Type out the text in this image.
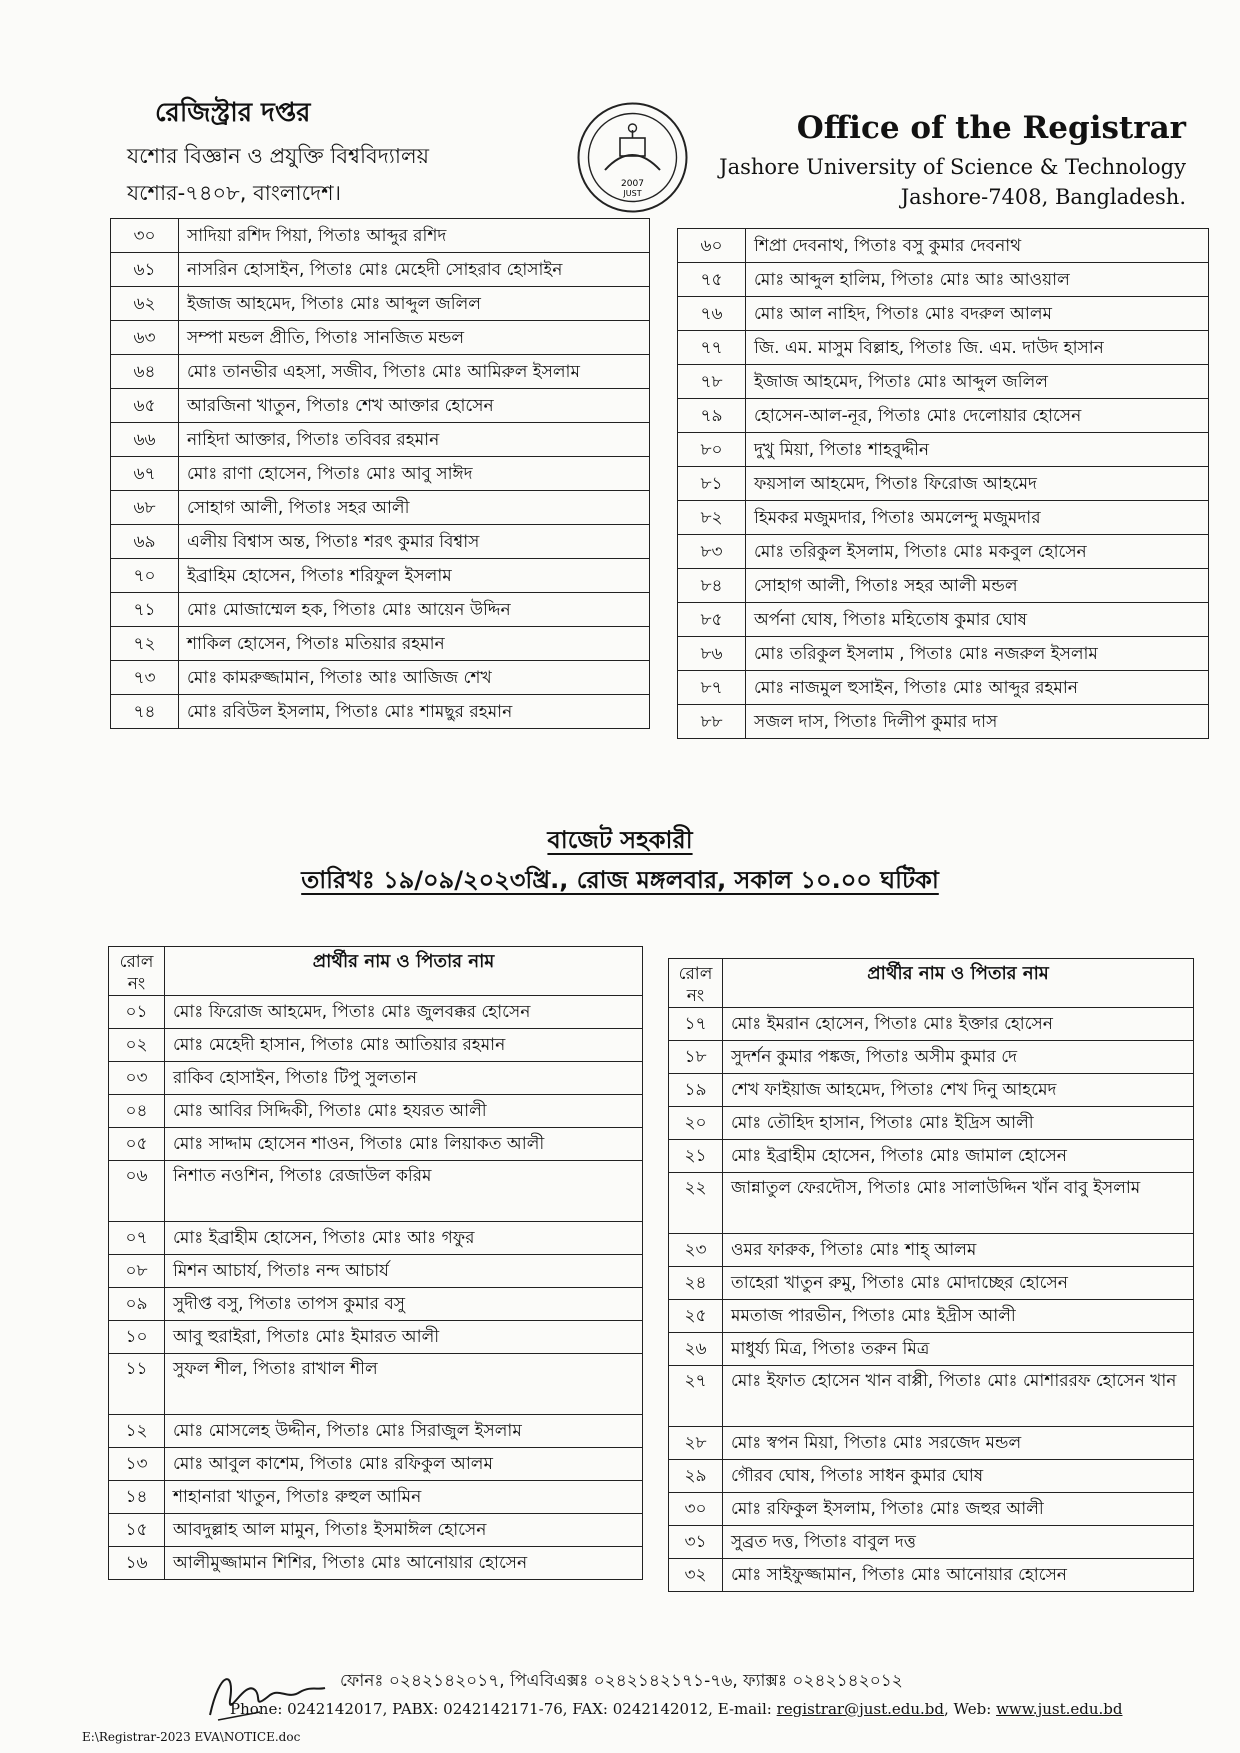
রেজিস্ট্রার দপ্তর
যশোর বিজ্ঞান ও প্রযুক্তি বিশ্ববিদ্যালয়
যশোর-৭৪০৮, বাংলাদেশ।	2007
JUST
Office of the Registrar
Jashore University of Science & Technology
Jashore-7408, Bangladesh.
৩০	সাদিয়া রশিদ পিয়া, পিতাঃ আব্দুর রশিদ
৬১	নাসরিন হোসাইন, পিতাঃ মোঃ মেহেদী সোহরাব হোসাইন
৬২	ইজাজ আহমেদ, পিতাঃ মোঃ আব্দুল জলিল
৬৩	সম্পা মন্ডল প্রীতি, পিতাঃ সানজিত মন্ডল
৬৪	মোঃ তানভীর এহসা, সজীব, পিতাঃ মোঃ আমিরুল ইসলাম
৬৫	আরজিনা খাতুন, পিতাঃ শেখ আক্তার হোসেন
৬৬	নাহিদা আক্তার, পিতাঃ তবিবর রহমান
৬৭	মোঃ রাণা হোসেন, পিতাঃ মোঃ আবু সাঈদ
৬৮	সোহাগ আলী, পিতাঃ সহর আলী
৬৯	এলীয় বিশ্বাস অন্ত, পিতাঃ শরৎ কুমার বিশ্বাস
৭০	ইব্রাহিম হোসেন, পিতাঃ শরিফুল ইসলাম
৭১	মোঃ মোজাম্মেল হক, পিতাঃ মোঃ আয়েন উদ্দিন
৭২	শাকিল হোসেন, পিতাঃ মতিয়ার রহমান
৭৩	মোঃ কামরুজ্জামান, পিতাঃ আঃ আজিজ শেখ
৭৪	মোঃ রবিউল ইসলাম, পিতাঃ মোঃ শামছুর রহমান
৬০	শিপ্রা দেবনাথ, পিতাঃ বসু কুমার দেবনাথ
৭৫	মোঃ আব্দুল হালিম, পিতাঃ মোঃ আঃ আওয়াল
৭৬	মোঃ আল নাহিদ, পিতাঃ মোঃ বদরুল আলম
৭৭	জি. এম. মাসুম বিল্লাহ, পিতাঃ জি. এম. দাউদ হাসান
৭৮	ইজাজ আহমেদ, পিতাঃ মোঃ আব্দুল জলিল
৭৯	হোসেন-আল-নূর, পিতাঃ মোঃ দেলোয়ার হোসেন
৮০	দুখু মিয়া, পিতাঃ শাহবুদ্দীন
৮১	ফয়সাল আহমেদ, পিতাঃ ফিরোজ আহমেদ
৮২	হিমকর মজুমদার, পিতাঃ অমলেন্দু মজুমদার
৮৩	মোঃ তরিকুল ইসলাম, পিতাঃ মোঃ মকবুল হোসেন
৮৪	সোহাগ আলী, পিতাঃ সহর আলী মন্ডল
৮৫	অর্পনা ঘোষ, পিতাঃ মহিতোষ কুমার ঘোষ
৮৬	মোঃ তরিকুল ইসলাম , পিতাঃ মোঃ নজরুল ইসলাম
৮৭	মোঃ নাজমুল হুসাইন, পিতাঃ মোঃ আব্দুর রহমান
৮৮	সজল দাস, পিতাঃ দিলীপ কুমার দাস
বাজেট সহকারী
তারিখঃ ১৯/০৯/২০২৩খ্রি., রোজ মঙ্গলবার, সকাল ১০.০০ ঘটিকা
রোল
নং	প্রার্থীর নাম ও পিতার নাম
০১	মোঃ ফিরোজ আহমেদ, পিতাঃ মোঃ জুলবক্কর হোসেন
০২	মোঃ মেহেদী হাসান, পিতাঃ মোঃ আতিয়ার রহমান
০৩	রাকিব হোসাইন, পিতাঃ টিপু সুলতান
০৪	মোঃ আবির সিদ্দিকী, পিতাঃ মোঃ হযরত আলী
০৫	মোঃ সাদ্দাম হোসেন শাওন, পিতাঃ মোঃ লিয়াকত আলী
০৬	নিশাত নওশিন, পিতাঃ রেজাউল করিম
০৭	মোঃ ইব্রাহীম হোসেন, পিতাঃ মোঃ আঃ গফুর
০৮	মিশন আচার্য, পিতাঃ নন্দ আচার্য
০৯	সুদীপ্ত বসু, পিতাঃ তাপস কুমার বসু
১০	আবু হুরাইরা, পিতাঃ মোঃ ইমারত আলী
১১	সুফল শীল, পিতাঃ রাখাল শীল
১২	মোঃ মোসলেহ উদ্দীন, পিতাঃ মোঃ সিরাজুল ইসলাম
১৩	মোঃ আবুল কাশেম, পিতাঃ মোঃ রফিকুল আলম
১৪	শাহানারা খাতুন, পিতাঃ রুহুল আমিন
১৫	আবদুল্লাহ আল মামুন, পিতাঃ ইসমাঈল হোসেন
১৬	আলীমুজ্জামান শিশির, পিতাঃ মোঃ আনোয়ার হোসেন
রোল
নং	প্রার্থীর নাম ও পিতার নাম
১৭	মোঃ ইমরান হোসেন, পিতাঃ মোঃ ইক্তার হোসেন
১৮	সুদর্শন কুমার পঙ্কজ, পিতাঃ অসীম কুমার দে
১৯	শেখ ফাইয়াজ আহমেদ, পিতাঃ শেখ দিনু আহমেদ
২০	মোঃ তৌহিদ হাসান, পিতাঃ মোঃ ইদ্রিস আলী
২১	মোঃ ইব্রাহীম হোসেন, পিতাঃ মোঃ জামাল হোসেন
২২	জান্নাতুল ফেরদৌস, পিতাঃ মোঃ সালাউদ্দিন খাঁন বাবু ইসলাম
২৩	ওমর ফারুক, পিতাঃ মোঃ শাহ্ আলম
২৪	তাহেরা খাতুন রুমু, পিতাঃ মোঃ মোদাচ্ছের হোসেন
২৫	মমতাজ পারভীন, পিতাঃ মোঃ ইদ্রীস আলী
২৬	মাধুর্য্য মিত্র, পিতাঃ তরুন মিত্র
২৭	মোঃ ইফাত হোসেন খান বাপ্পী, পিতাঃ মোঃ মোশাররফ হোসেন খান
২৮	মোঃ স্বপন মিয়া, পিতাঃ মোঃ সরজেদ মন্ডল
২৯	গৌরব ঘোষ, পিতাঃ সাধন কুমার ঘোষ
৩০	মোঃ রফিকুল ইসলাম, পিতাঃ মোঃ জহুর আলী
৩১	সুব্রত দত্ত, পিতাঃ বাবুল দত্ত
৩২	মোঃ সাইফুজ্জামান, পিতাঃ মোঃ আনোয়ার হোসেন
ফোনঃ ০২৪২১৪২০১৭, পিএবিএক্সঃ ০২৪২১৪২১৭১-৭৬, ফ্যাক্সঃ ০২৪২১৪২০১২
Phone: 0242142017, PABX: 0242142171-76, FAX: 0242142012, E-mail: registrar@just.edu.bd, Web: www.just.edu.bd
E:\Registrar-2023 EVA\NOTICE.doc
